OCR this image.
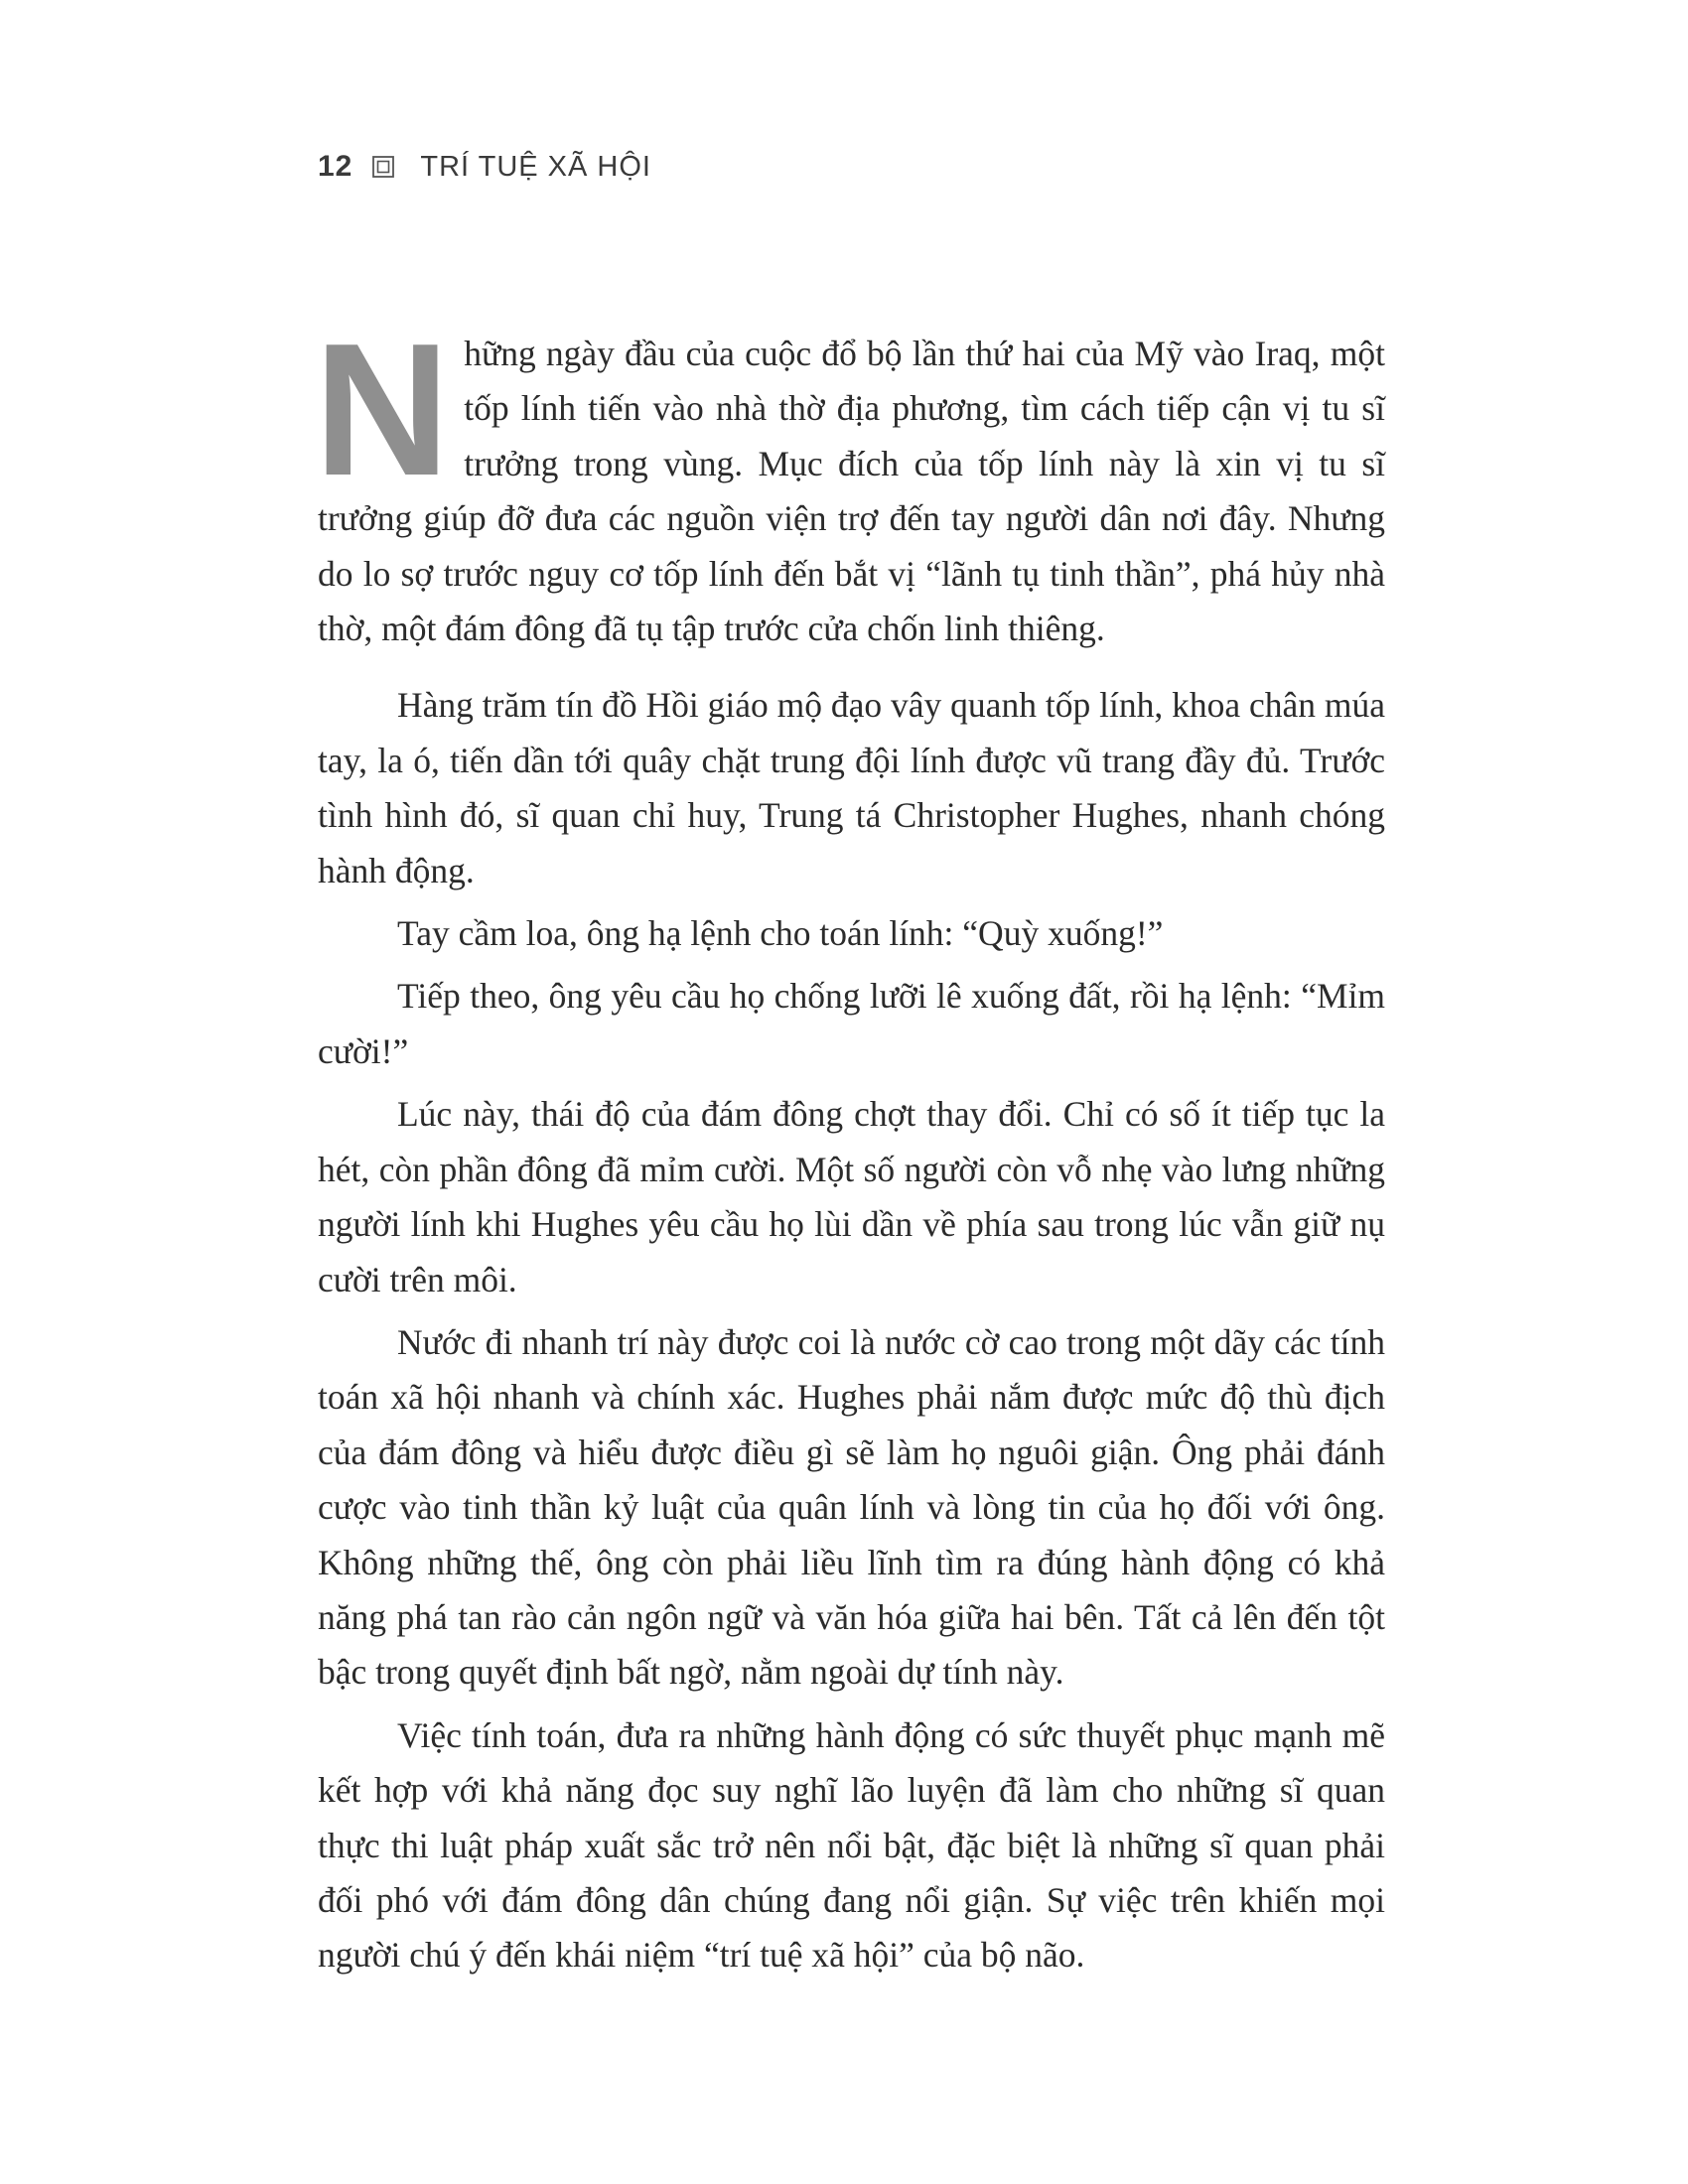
12 TRÍ TUỆ XÃ HỘI

Những ngày đầu của cuộc đổ bộ lần thứ hai của Mỹ vào Iraq, một tốp lính tiến vào nhà thờ địa phương, tìm cách tiếp cận vị tu sĩ trưởng trong vùng. Mục đích của tốp lính này là xin vị tu sĩ trưởng giúp đỡ đưa các nguồn viện trợ đến tay người dân nơi đây. Nhưng do lo sợ trước nguy cơ tốp lính đến bắt vị “lãnh tụ tinh thần”, phá hủy nhà thờ, một đám đông đã tụ tập trước cửa chốn linh thiêng.

Hàng trăm tín đồ Hồi giáo mộ đạo vây quanh tốp lính, khoa chân múa tay, la ó, tiến dần tới quây chặt trung đội lính được vũ trang đầy đủ. Trước tình hình đó, sĩ quan chỉ huy, Trung tá Christopher Hughes, nhanh chóng hành động.

Tay cầm loa, ông hạ lệnh cho toán lính: “Quỳ xuống!”

Tiếp theo, ông yêu cầu họ chống lưỡi lê xuống đất, rồi hạ lệnh: “Mỉm cười!”

Lúc này, thái độ của đám đông chợt thay đổi. Chỉ có số ít tiếp tục la hét, còn phần đông đã mỉm cười. Một số người còn vỗ nhẹ vào lưng những người lính khi Hughes yêu cầu họ lùi dần về phía sau trong lúc vẫn giữ nụ cười trên môi.

Nước đi nhanh trí này được coi là nước cờ cao trong một dãy các tính toán xã hội nhanh và chính xác. Hughes phải nắm được mức độ thù địch của đám đông và hiểu được điều gì sẽ làm họ nguôi giận. Ông phải đánh cược vào tinh thần kỷ luật của quân lính và lòng tin của họ đối với ông. Không những thế, ông còn phải liều lĩnh tìm ra đúng hành động có khả năng phá tan rào cản ngôn ngữ và văn hóa giữa hai bên. Tất cả lên đến tột bậc trong quyết định bất ngờ, nằm ngoài dự tính này.

Việc tính toán, đưa ra những hành động có sức thuyết phục mạnh mẽ kết hợp với khả năng đọc suy nghĩ lão luyện đã làm cho những sĩ quan thực thi luật pháp xuất sắc trở nên nổi bật, đặc biệt là những sĩ quan phải đối phó với đám đông dân chúng đang nổi giận. Sự việc trên khiến mọi người chú ý đến khái niệm “trí tuệ xã hội” của bộ não.
